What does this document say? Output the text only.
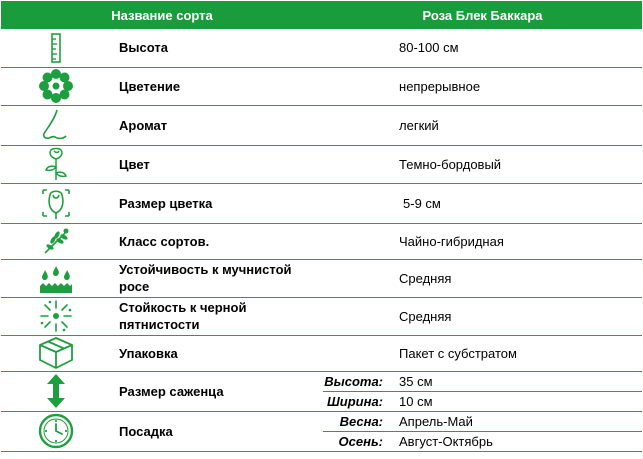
Название сорта		Роза Блек Баккара	

	Высота	80-100 см	

	Цветение	непрерывное	

	Аромат	легкий	

	Цвет	Темно-бордовый	

	Размер цветка	5-9 см	

	Класс сортов.	Чайно-гибридная	

	Устойчивость к мучнистой росе	Средняя	

	Стойкость к черной пятнистости	Средняя	

	Упаковка	Пакет с субстратом	

	Размер саженца	Высота:	35 см
		Ширина:	10 см

	Посадка	Весна:	Апрель-Май
		Осень:	Август-Октябрь
